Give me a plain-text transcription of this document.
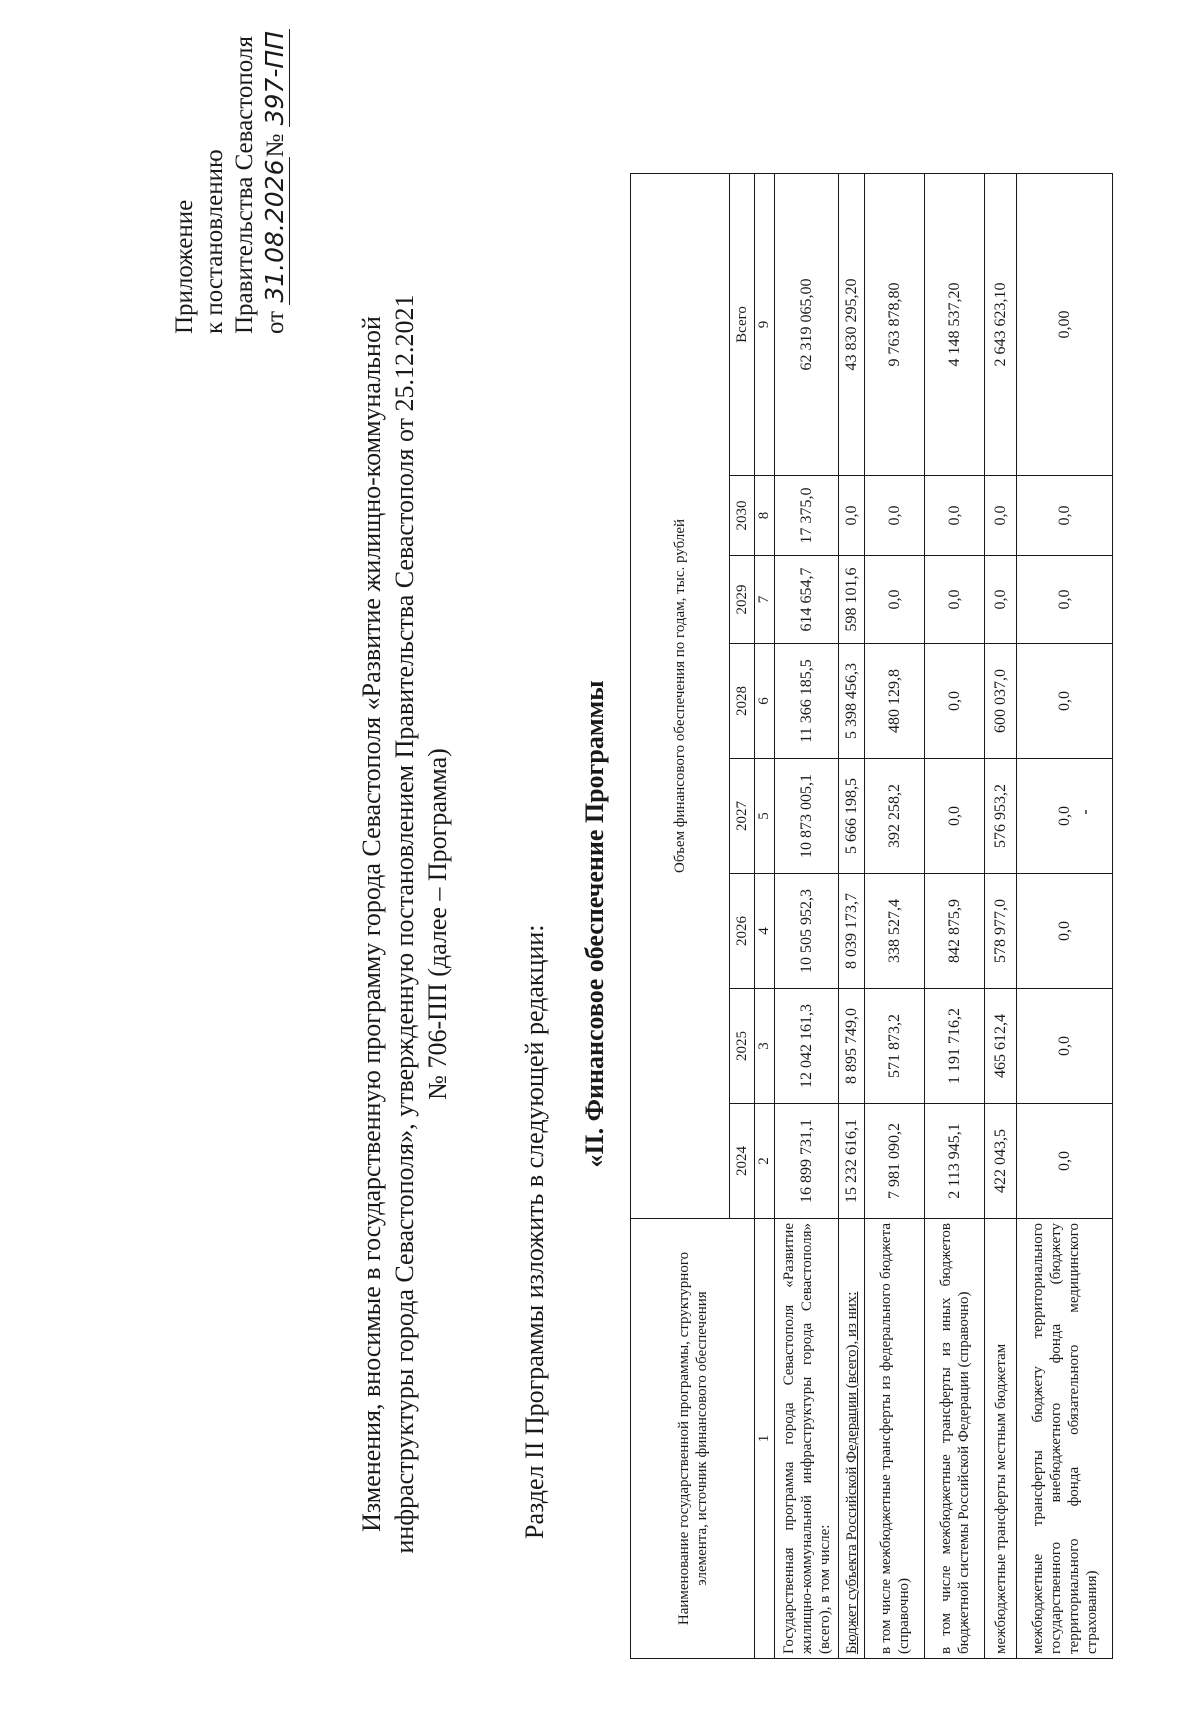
Приложение к постановлению Правительства Севастополя от 31.08.2026№ 397-ПП
Изменения, вносимые в государственную программу города Севастополя «Развитие жилищно-коммунальной инфраструктуры города Севастополя», утвержденную постановлением Правительства Севастополя от 25.12.2021 № 706-ПП (далее – Программа)
Раздел II Программы изложить в следующей редакции:
«II. Финансовое обеспечение Программы
Наименование государственной программы, структурного элемента, источник финансового обеспечения	Объем финансового обеспечения по годам, тыс. рублей							
	2024	2025	2026	2027	2028	2029	2030	Всего
1	2	3	4	5	6	7	8	9
Государственная программа города Севастополя «Развитие жилищно-коммунальной инфраструктуры города Севастополя» (всего), в том числе:	16 899 731,1	12 042 161,3	10 505 952,3	10 873 005,1	11 366 185,5	614 654,7	17 375,0	62 319 065,00
Бюджет субъекта Российской Федерации (всего), из них:	15 232 616,1	8 895 749,0	8 039 173,7	5 666 198,5	5 398 456,3	598 101,6	0,0	43 830 295,20
в том числе межбюджетные трансферты из федерального бюджета (справочно)	7 981 090,2	571 873,2	338 527,4	392 258,2	480 129,8	0,0	0,0	9 763 878,80
в том числе межбюджетные трансферты из иных бюджетов бюджетной системы Российской Федерации (справочно)	2 113 945,1	1 191 716,2	842 875,9	0,0	0,0	0,0	0,0	4 148 537,20
межбюджетные трансферты местным бюджетам	422 043,5	465 612,4	578 977,0	576 953,2	600 037,0	0,0	0,0	2 643 623,10
межбюджетные трансферты бюджету территориального государственного внебюджетного фонда (бюджету территориального фонда обязательного медицинского страхования)	0,0	0,0	0,0	0,0	0,0	0,0	0,0	0,00
